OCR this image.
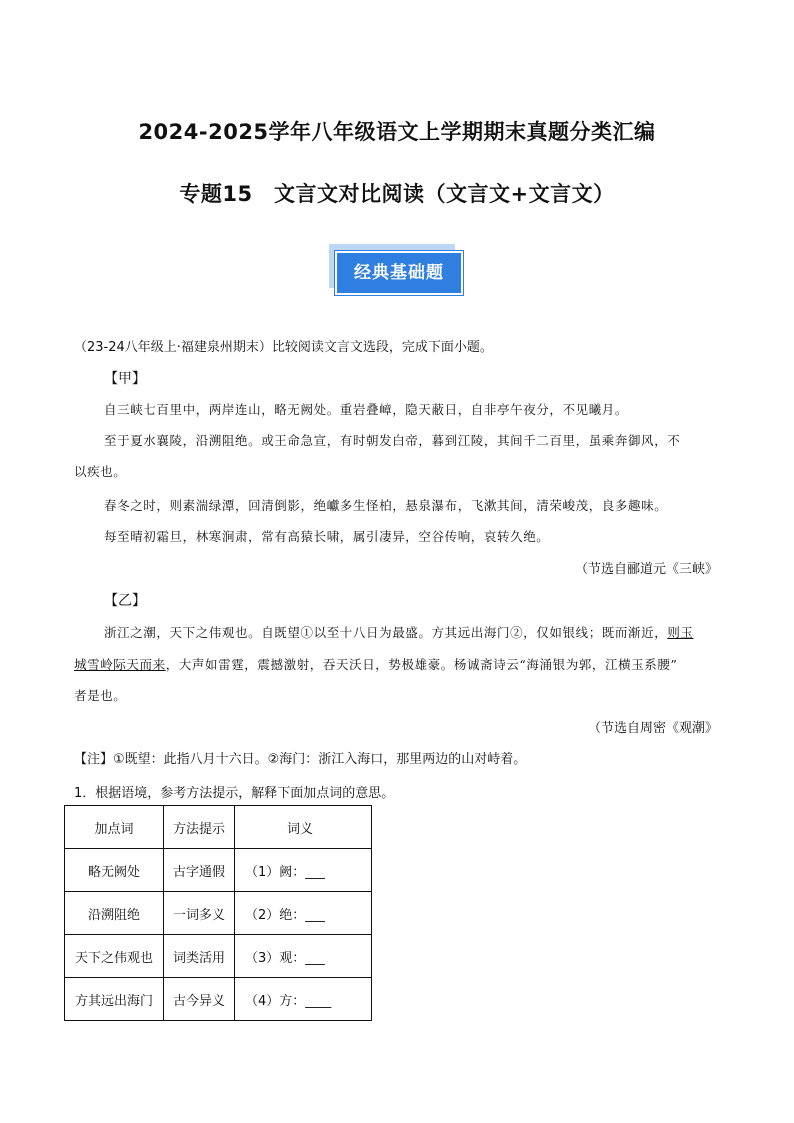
2024-2025学年八年级语文上学期期末真题分类汇编
专题15　文言文对比阅读（文言文+文言文）
经典基础题
（23-24八年级上·福建泉州期末）比较阅读文言文选段，完成下面小题。
【甲】
自三峡七百里中，两岸连山，略无阙处。重岩叠嶂，隐天蔽日，自非亭午夜分，不见曦月。
至于夏水襄陵，沿溯阻绝。或王命急宣，有时朝发白帝，暮到江陵，其间千二百里，虽乘奔御风，不
以疾也。
春冬之时，则素湍绿潭，回清倒影，绝巘多生怪柏，悬泉瀑布，飞漱其间，清荣峻茂，良多趣味。
每至晴初霜旦，林寒涧肃，常有高猿长啸，属引凄异，空谷传响，哀转久绝。
（节选自郦道元《三峡》
【乙】
浙江之潮，天下之伟观也。自既望①以至十八日为最盛。方其远出海门②，仅如银线；既而渐近，则玉
城雪岭际天而来，大声如雷霆，震撼激射，吞天沃日，势极雄豪。杨诚斋诗云“海涌银为郭，江横玉系腰”
者是也。
（节选自周密《观潮》
【注】①既望：此指八月十六日。②海门：浙江入海口，那里两边的山对峙着。
1．根据语境，参考方法提示，解释下面加点词的意思。
加点词	方法提示	词义
略无阙处	古字通假	（1）阙：___
沿溯阻绝	一词多义	（2）绝：___
天下之伟观也	词类活用	（3）观：___
方其远出海门	古今异义	（4）方：____
